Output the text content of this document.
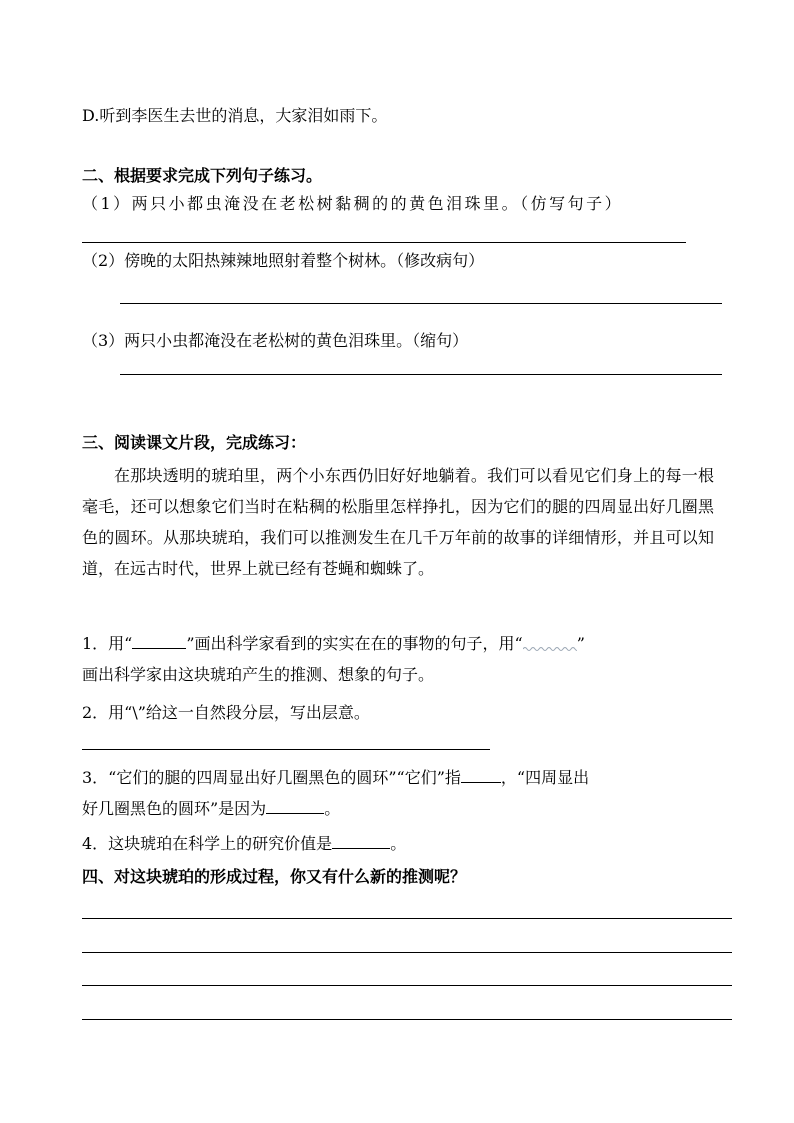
D.听到李医生去世的消息，大家泪如雨下。
二、根据要求完成下列句子练习。
（1）两只小都虫淹没在老松树黏稠的的黄色泪珠里。（仿写句子）
（2）傍晚的太阳热辣辣地照射着整个树林。（修改病句）
（3）两只小虫都淹没在老松树的黄色泪珠里。（缩句）
三、阅读课文片段，完成练习：
在那块透明的琥珀里，两个小东西仍旧好好地躺着。我们可以看见它们身上的每一根毫毛，还可以想象它们当时在粘稠的松脂里怎样挣扎，因为它们的腿的四周显出好几圈黑色的圆环。从那块琥珀，我们可以推测发生在几千万年前的故事的详细情形，并且可以知道，在远古时代，世界上就已经有苍蝇和蜘蛛了。
1．用“	”画出科学家看到的实实在在的事物的句子，用“	”
画出科学家由这块琥珀产生的推测、想象的句子。
2．用“\”给这一自然段分层，写出层意。
3．“它们的腿的四周显出好几圈黑色的圆环”“它们”指	，“四周显出
好几圈黑色的圆环”是因为	。
4．这块琥珀在科学上的研究价值是	。
四、对这块琥珀的形成过程，你又有什么新的推测呢？
